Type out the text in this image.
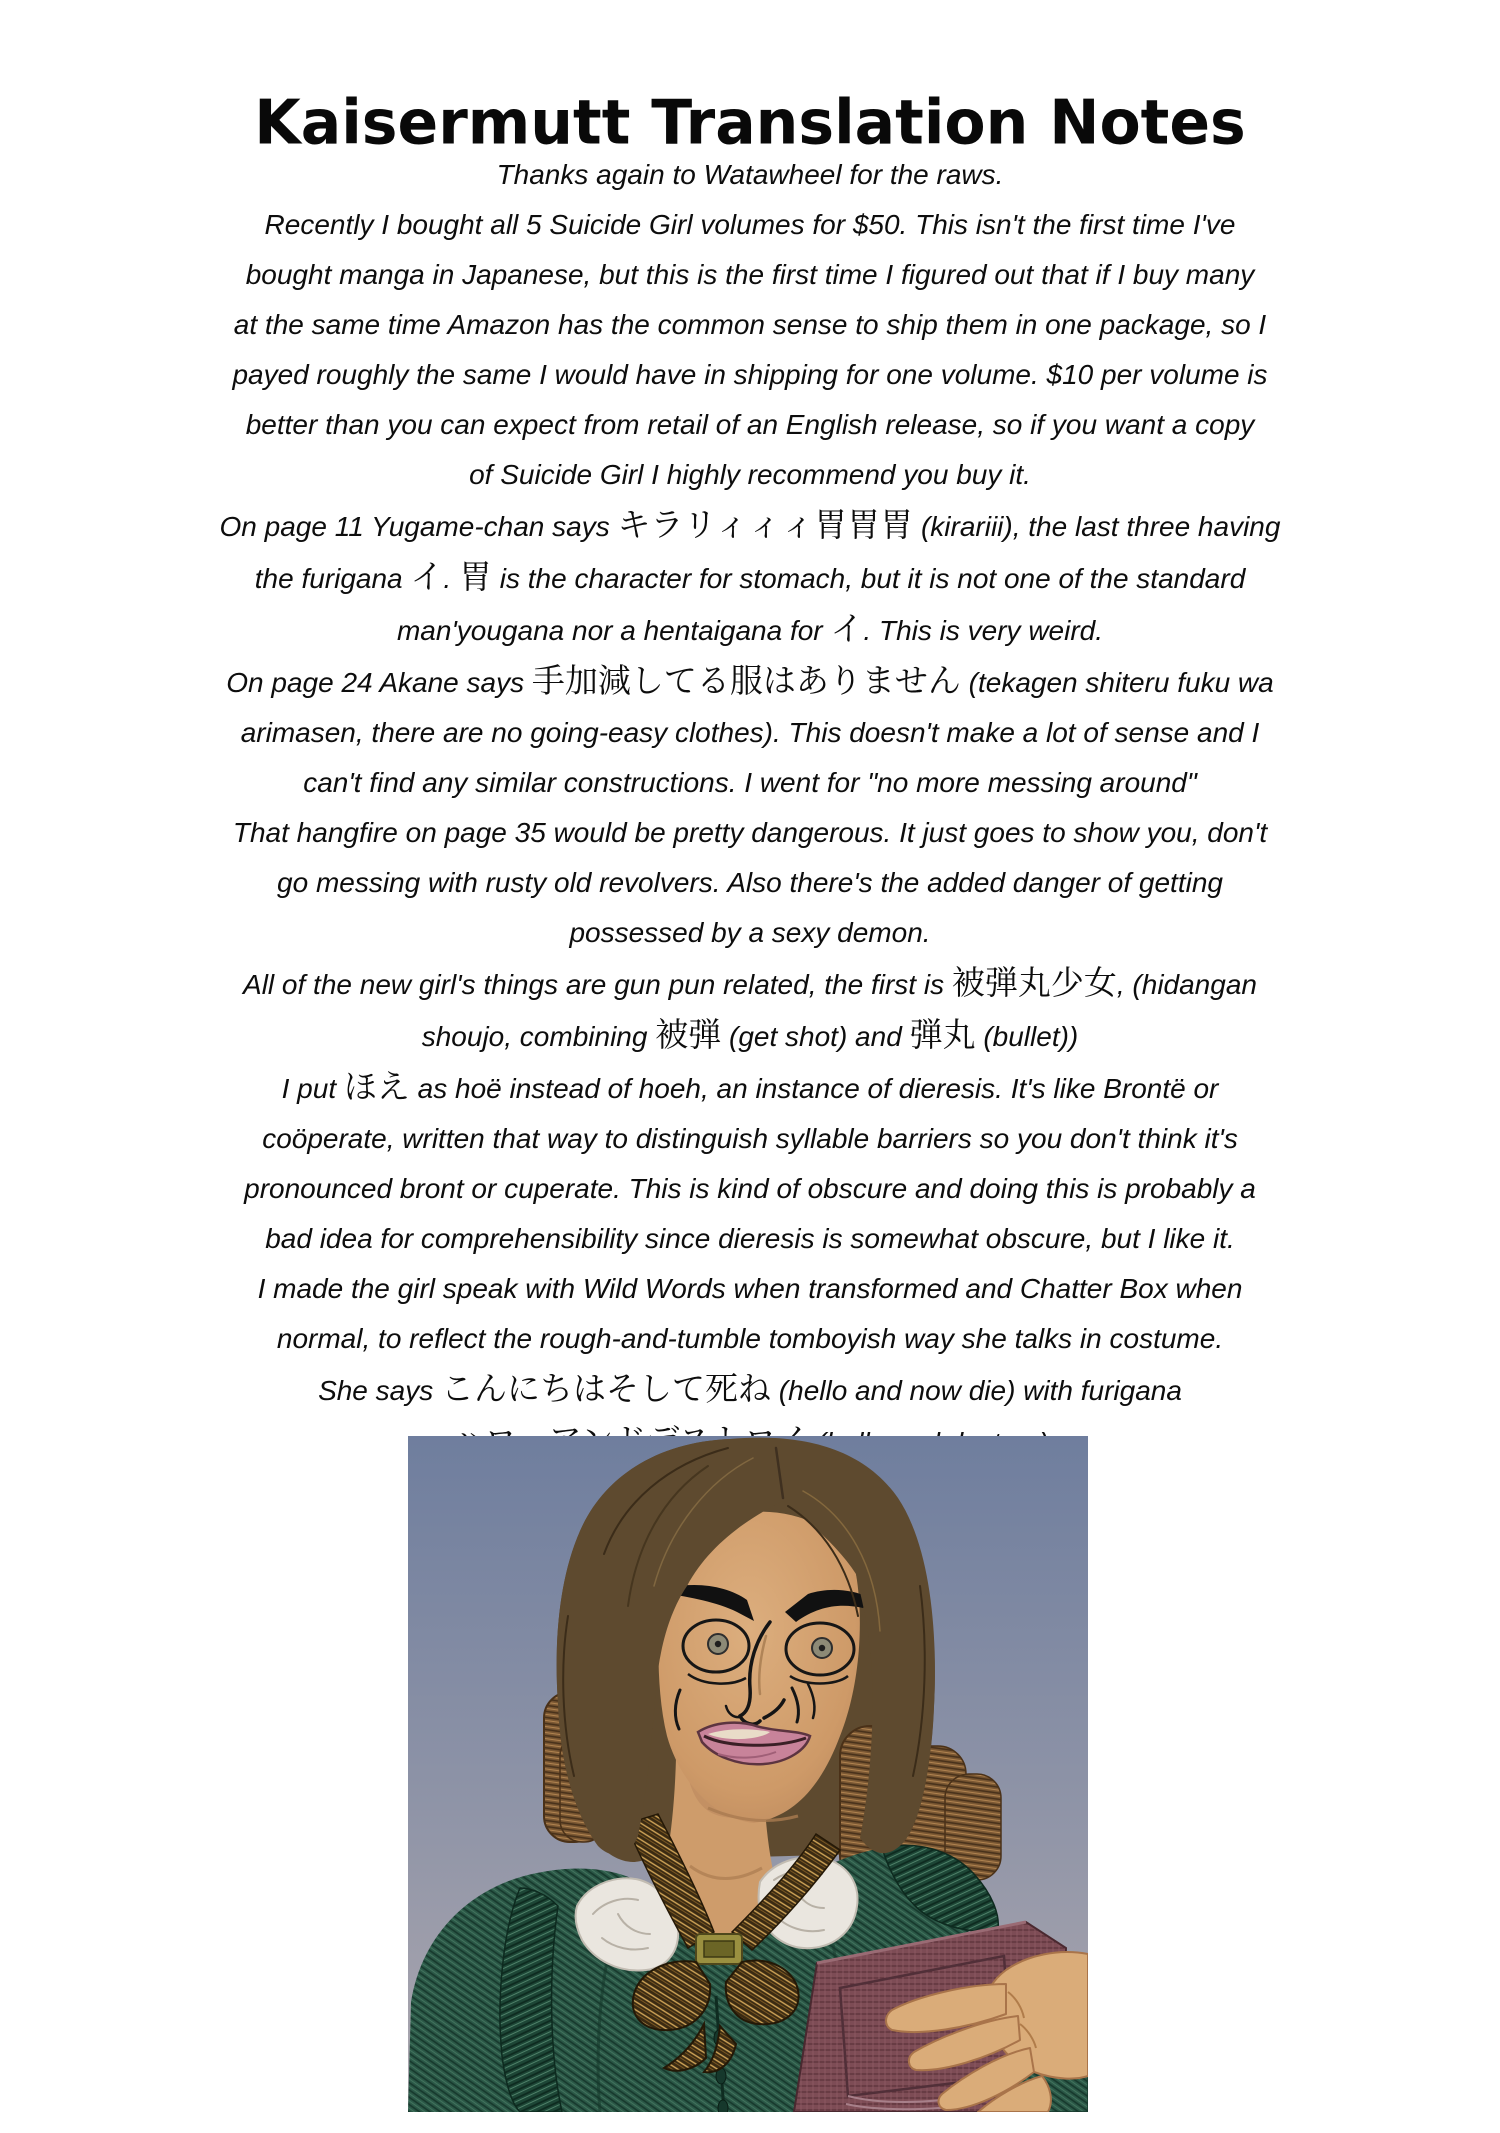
Kaisermutt Translation Notes
Thanks again to Watawheel for the raws.
Recently I bought all 5 Suicide Girl volumes for $50. This isn't the first time I've
bought manga in Japanese, but this is the first time I figured out that if I buy many
at the same time Amazon has the common sense to ship them in one package, so I
payed roughly the same I would have in shipping for one volume. $10 per volume is
better than you can expect from retail of an English release, so if you want a copy
of Suicide Girl I highly recommend you buy it.
On page 11 Yugame-chan says キラリィィィ胃胃胃 (kirariii), the last three having
the furigana イ. 胃 is the character for stomach, but it is not one of the standard
man'yougana nor a hentaigana for イ. This is very weird.
On page 24 Akane says 手加減してる服はありません (tekagen shiteru fuku wa
arimasen, there are no going-easy clothes). This doesn't make a lot of sense and I
can't find any similar constructions. I went for "no more messing around"
That hangfire on page 35 would be pretty dangerous. It just goes to show you, don't
go messing with rusty old revolvers. Also there's the added danger of getting
possessed by a sexy demon.
All of the new girl's things are gun pun related, the first is 被弾丸少女, (hidangan
shoujo, combining 被弾 (get shot) and 弾丸 (bullet))
I put ほえ as hoë instead of hoeh, an instance of dieresis. It's like Brontë or
coöperate, written that way to distinguish syllable barriers so you don't think it's
pronounced bront or cuperate. This is kind of obscure and doing this is probably a
bad idea for comprehensibility since dieresis is somewhat obscure, but I like it.
I made the girl speak with Wild Words when transformed and Chatter Box when
normal, to reflect the rough-and-tumble tomboyish way she talks in costume.
She says こんにちはそして死ね (hello and now die) with furigana
